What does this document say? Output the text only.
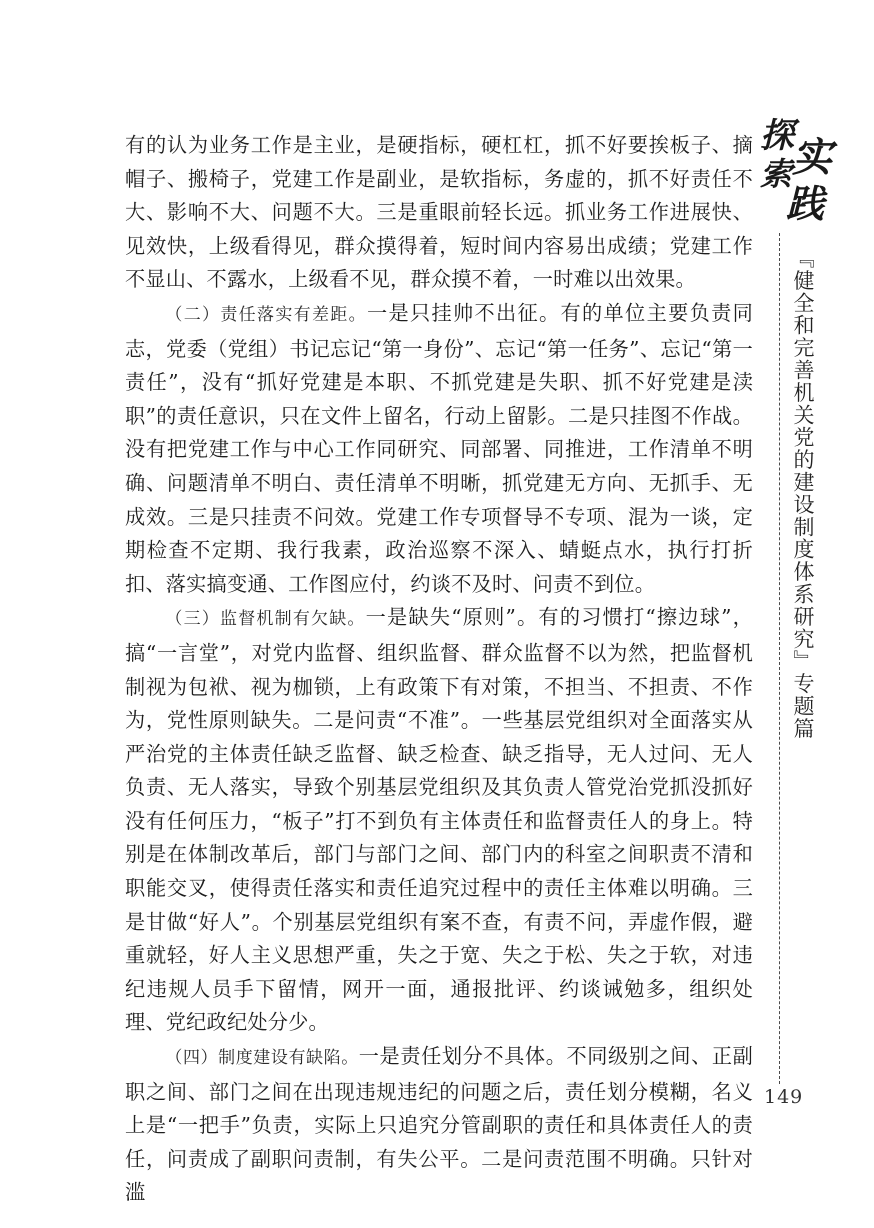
探
索 实
践
『健全和完善机关党的建设制度体系研究』专题篇
149

有的认为业务工作是主业，是硬指标，硬杠杠，抓不好要挨板子、摘帽子、搬椅子，党建工作是副业，是软指标，务虚的，抓不好责任不大、影响不大、问题不大。三是重眼前轻长远。抓业务工作进展快、见效快，上级看得见，群众摸得着，短时间内容易出成绩；党建工作不显山、不露水，上级看不见，群众摸不着，一时难以出效果。

（二）责任落实有差距。一是只挂帅不出征。有的单位主要负责同志，党委（党组）书记忘记“第一身份”、忘记“第一任务”、忘记“第一责任”，没有“抓好党建是本职、不抓党建是失职、抓不好党建是渎职”的责任意识，只在文件上留名，行动上留影。二是只挂图不作战。没有把党建工作与中心工作同研究、同部署、同推进，工作清单不明确、问题清单不明白、责任清单不明晰，抓党建无方向、无抓手、无成效。三是只挂责不问效。党建工作专项督导不专项、混为一谈，定期检查不定期、我行我素，政治巡察不深入、蜻蜓点水，执行打折扣、落实搞变通、工作图应付，约谈不及时、问责不到位。

（三）监督机制有欠缺。一是缺失“原则”。有的习惯打“擦边球”，搞“一言堂”，对党内监督、组织监督、群众监督不以为然，把监督机制视为包袱、视为枷锁，上有政策下有对策，不担当、不担责、不作为，党性原则缺失。二是问责“不准”。一些基层党组织对全面落实从严治党的主体责任缺乏监督、缺乏检查、缺乏指导，无人过问、无人负责、无人落实，导致个别基层党组织及其负责人管党治党抓没抓好没有任何压力，“板子”打不到负有主体责任和监督责任人的身上。特别是在体制改革后，部门与部门之间、部门内的科室之间职责不清和职能交叉，使得责任落实和责任追究过程中的责任主体难以明确。三是甘做“好人”。个别基层党组织有案不查，有责不问，弄虚作假，避重就轻，好人主义思想严重，失之于宽、失之于松、失之于软，对违纪违规人员手下留情，网开一面，通报批评、约谈诫勉多，组织处理、党纪政纪处分少。

（四）制度建设有缺陷。一是责任划分不具体。不同级别之间、正副职之间、部门之间在出现违规违纪的问题之后，责任划分模糊，名义上是“一把手”负责，实际上只追究分管副职的责任和具体责任人的责任，问责成了副职问责制，有失公平。二是问责范围不明确。只针对滥
